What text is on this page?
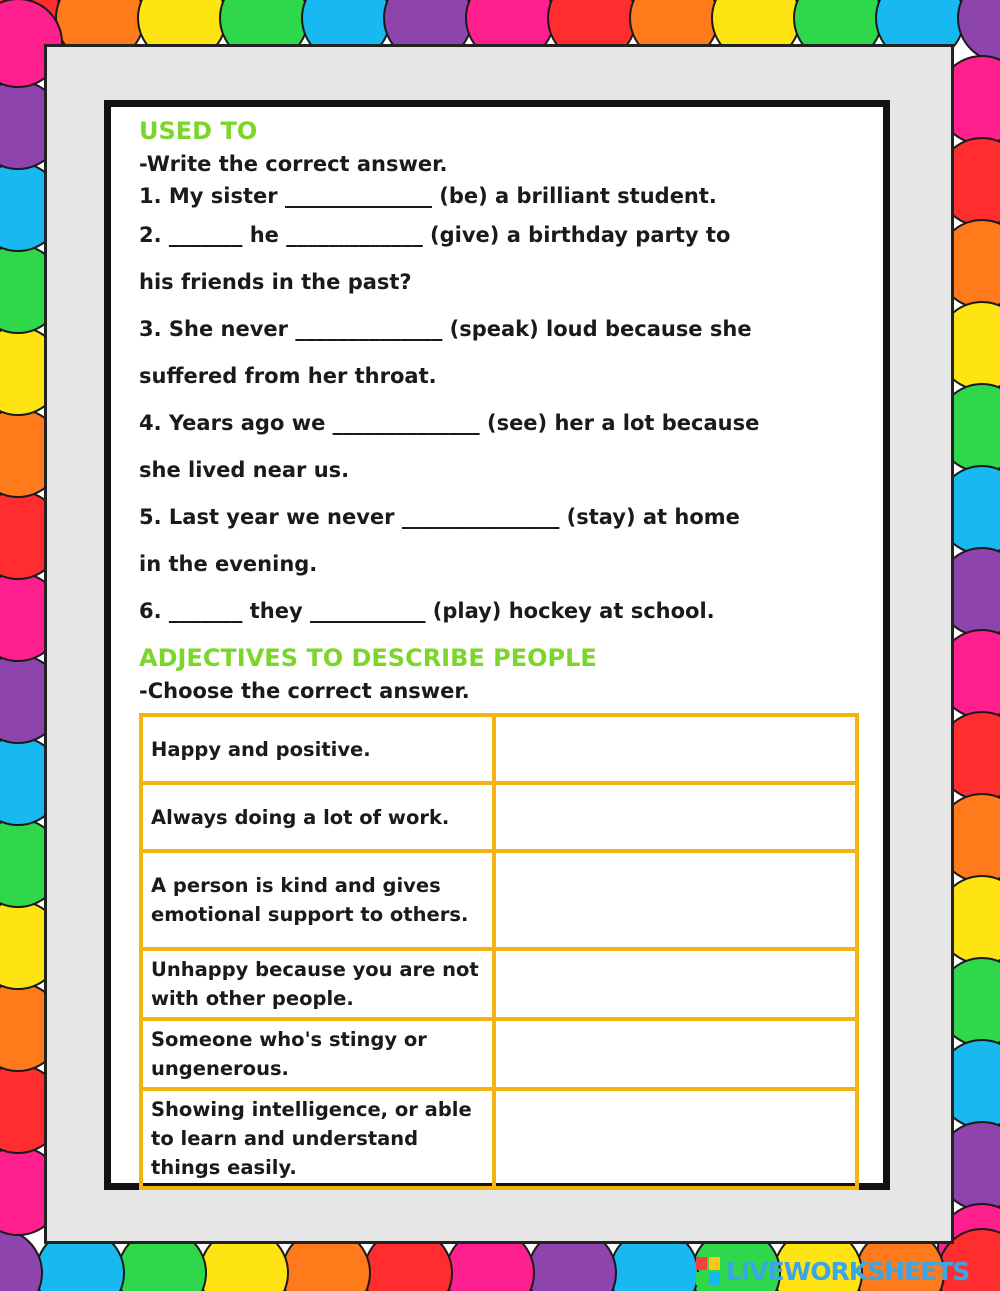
USED TO

-Write the correct answer.

1. My sister ______________ (be) a brilliant student.

2. _______ he _____________ (give) a birthday party to

his friends in the past?

3. She never ______________ (speak) loud because she

suffered from her throat.

4. Years ago we ______________ (see) her a lot because

she lived near us.

5. Last year we never _______________ (stay) at home

in the evening.

6. _______ they ___________ (play) hockey at school.

ADJECTIVES TO DESCRIBE PEOPLE

-Choose the correct answer.

Happy and positive.	
Always doing a lot of work.	
A person is kind and gives emotional support to others.	
Unhappy because you are not with other people.	
Someone who's stingy or ungenerous.	
Showing intelligence, or able to learn and understand things easily.	
LIVEWORKSHEETS
